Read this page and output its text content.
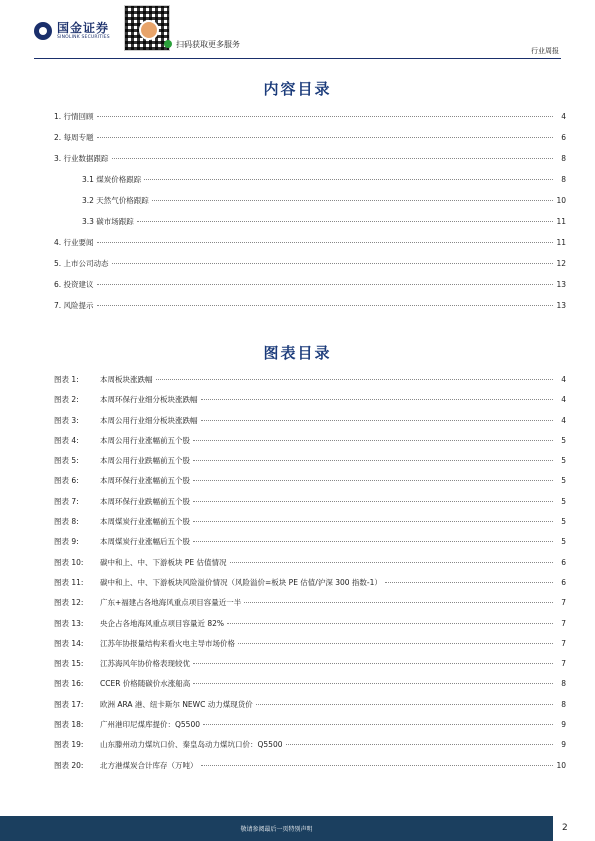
国金证券
SINOLINK SECURITIES
扫码获取更多服务
行业周报
内容目录
1. 行情回顾	4
2. 每周专题	6
3. 行业数据跟踪	8
3.1 煤炭价格跟踪	8
3.2 天然气价格跟踪	10
3.3 碳市场跟踪	11
4. 行业要闻	11
5. 上市公司动态	12
6. 投资建议	13
7. 风险提示	13
图表目录
图表 1:	本周板块涨跌幅	4
图表 2:	本周环保行业细分板块涨跌幅	4
图表 3:	本周公用行业细分板块涨跌幅	4
图表 4:	本周公用行业涨幅前五个股	5
图表 5:	本周公用行业跌幅前五个股	5
图表 6:	本周环保行业涨幅前五个股	5
图表 7:	本周环保行业跌幅前五个股	5
图表 8:	本周煤炭行业涨幅前五个股	5
图表 9:	本周煤炭行业涨幅后五个股	5
图表 10: 碳中和上、中、下游板块 PE 估值情况	6
图表 11: 碳中和上、中、下游板块风险溢价情况（风险溢价=板块 PE 估值/沪深 300 指数-1）	6
图表 12: 广东+福建占各地海风重点项目容量近一半	7
图表 13: 央企占各地海风重点项目容量近 82%	7
图表 14: 江苏年协报量结构来看火电主导市场价格	7
图表 15: 江苏海风年协价格表现较优	7
图表 16: CCER 价格随碳价水涨船高	8
图表 17: 欧洲 ARA 港、纽卡斯尔 NEWC 动力煤现货价	8
图表 18: 广州港印尼煤库提价：Q5500	9
图表 19: 山东滕州动力煤坑口价、秦皇岛动力煤坑口价：Q5500	9
图表 20: 北方港煤炭合计库存（万吨）	10
敬请参阅最后一页特别声明	2
